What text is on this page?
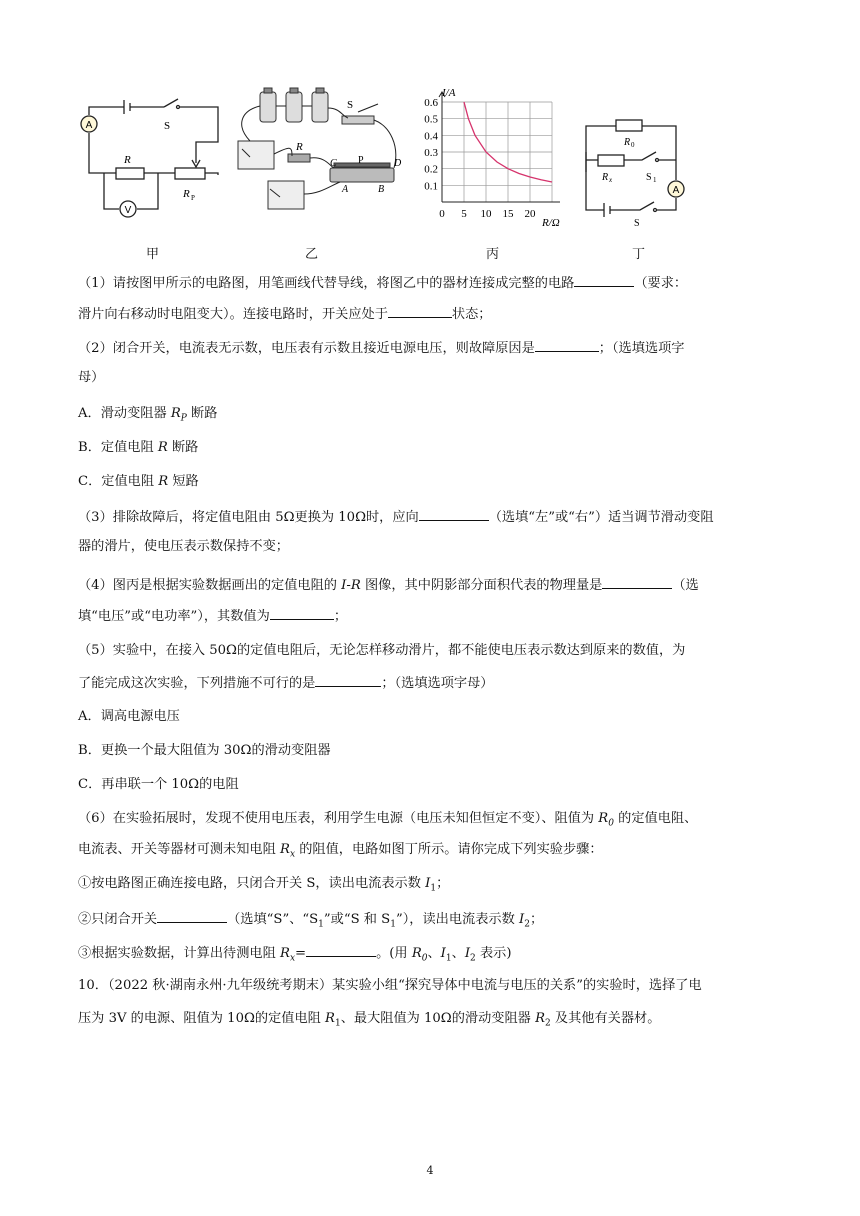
A	S
R
R P
V
甲
S
R
C P	D
A	B
乙
0.1
0.2
0.3
0.4
0.5
0.6
0 5 10 15 20
I/A
R/Ω
丙
R 0
R x	S 1
A
S
丁
（1）请按图甲所示的电路图，用笔画线代替导线，将图乙中的器材连接成完整的电路	（要求：
滑片向右移动时电阻变大）。连接电路时，开关应处于	状态；
（2）闭合开关，电流表无示数，电压表有示数且接近电源电压，则故障原因是	；（选填选项字
母）
A．滑动变阻器 $R_P$ 断路
B．定值电阻 R 断路
C．定值电阻 R 短路
（3）排除故障后，将定值电阻由 5Ω更换为 10Ω时，应向	（选填“左”或“右”）适当调节滑动变阻
器的滑片，使电压表示数保持不变；
（4）图丙是根据实验数据画出的定值电阻的 I-R 图像，其中阴影部分面积代表的物理量是	（选
填“电压”或“电功率”），其数值为	；
（5）实验中，在接入 50Ω的定值电阻后，无论怎样移动滑片，都不能使电压表示数达到原来的数值，为
了能完成这次实验，下列措施不可行的是	；（选填选项字母）
A．调高电源电压
B．更换一个最大阻值为 30Ω的滑动变阻器
C．再串联一个 10Ω的电阻
（6）在实验拓展时，发现不使用电压表，利用学生电源（电压未知但恒定不变）、阻值为 $R_0$ 的定值电阻、
电流表、开关等器材可测未知电阻 $R_x$ 的阻值，电路如图丁所示。请你完成下列实验步骤：
①按电路图正确连接电路，只闭合开关 S，读出电流表示数 $I_1$；
②只闭合开关	（选填“S”、“$S_1$”或“S 和 $S_1$”），读出电流表示数 $I_2$；
③根据实验数据，计算出待测电阻 $R_x=$	。(用 $R_0$、$I_1$、$I_2$ 表示)
10．（2022 秋·湖南永州·九年级统考期末）某实验小组“探究导体中电流与电压的关系”的实验时，选择了电
压为 3V 的电源、阻值为 10Ω的定值电阻 $R_1$、最大阻值为 10Ω的滑动变阻器 $R_2$ 及其他有关器材。
4
